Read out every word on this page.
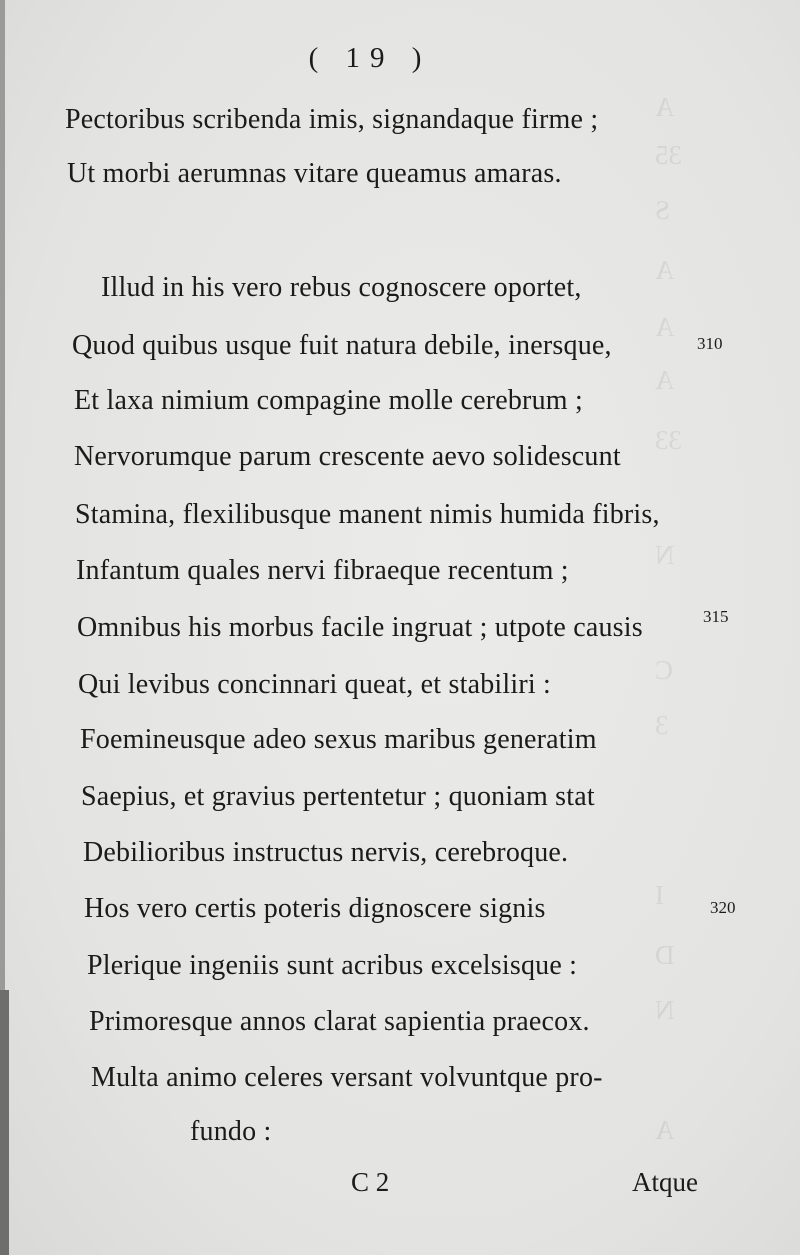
A
35
S
A
A
A
33
N
C
3
I
D
N
A
( 19 )
Pectoribus scribenda imis, signandaque firme ;
Ut morbi aerumnas vitare queamus amaras.
Illud in his vero rebus cognoscere oportet,
Quod quibus usque fuit natura debile, inersque,	310
Et laxa nimium compagine molle cerebrum ;
Nervorumque parum crescente aevo solidescunt
Stamina, flexilibusque manent nimis humida fibris,
Infantum quales nervi fibraeque recentum ;
Omnibus his morbus facile ingruat ; utpote causis	315
Qui levibus concinnari queat, et stabiliri :
Foemineusque adeo sexus maribus generatim
Saepius, et gravius pertentetur ; quoniam stat
Debilioribus instructus nervis, cerebroque.
Hos vero certis poteris dignoscere signis	320
Plerique ingeniis sunt acribus excelsisque :
Primoresque annos clarat sapientia praecox.
Multa animo celeres versant volvuntque pro-
fundo :
C 2	Atque
